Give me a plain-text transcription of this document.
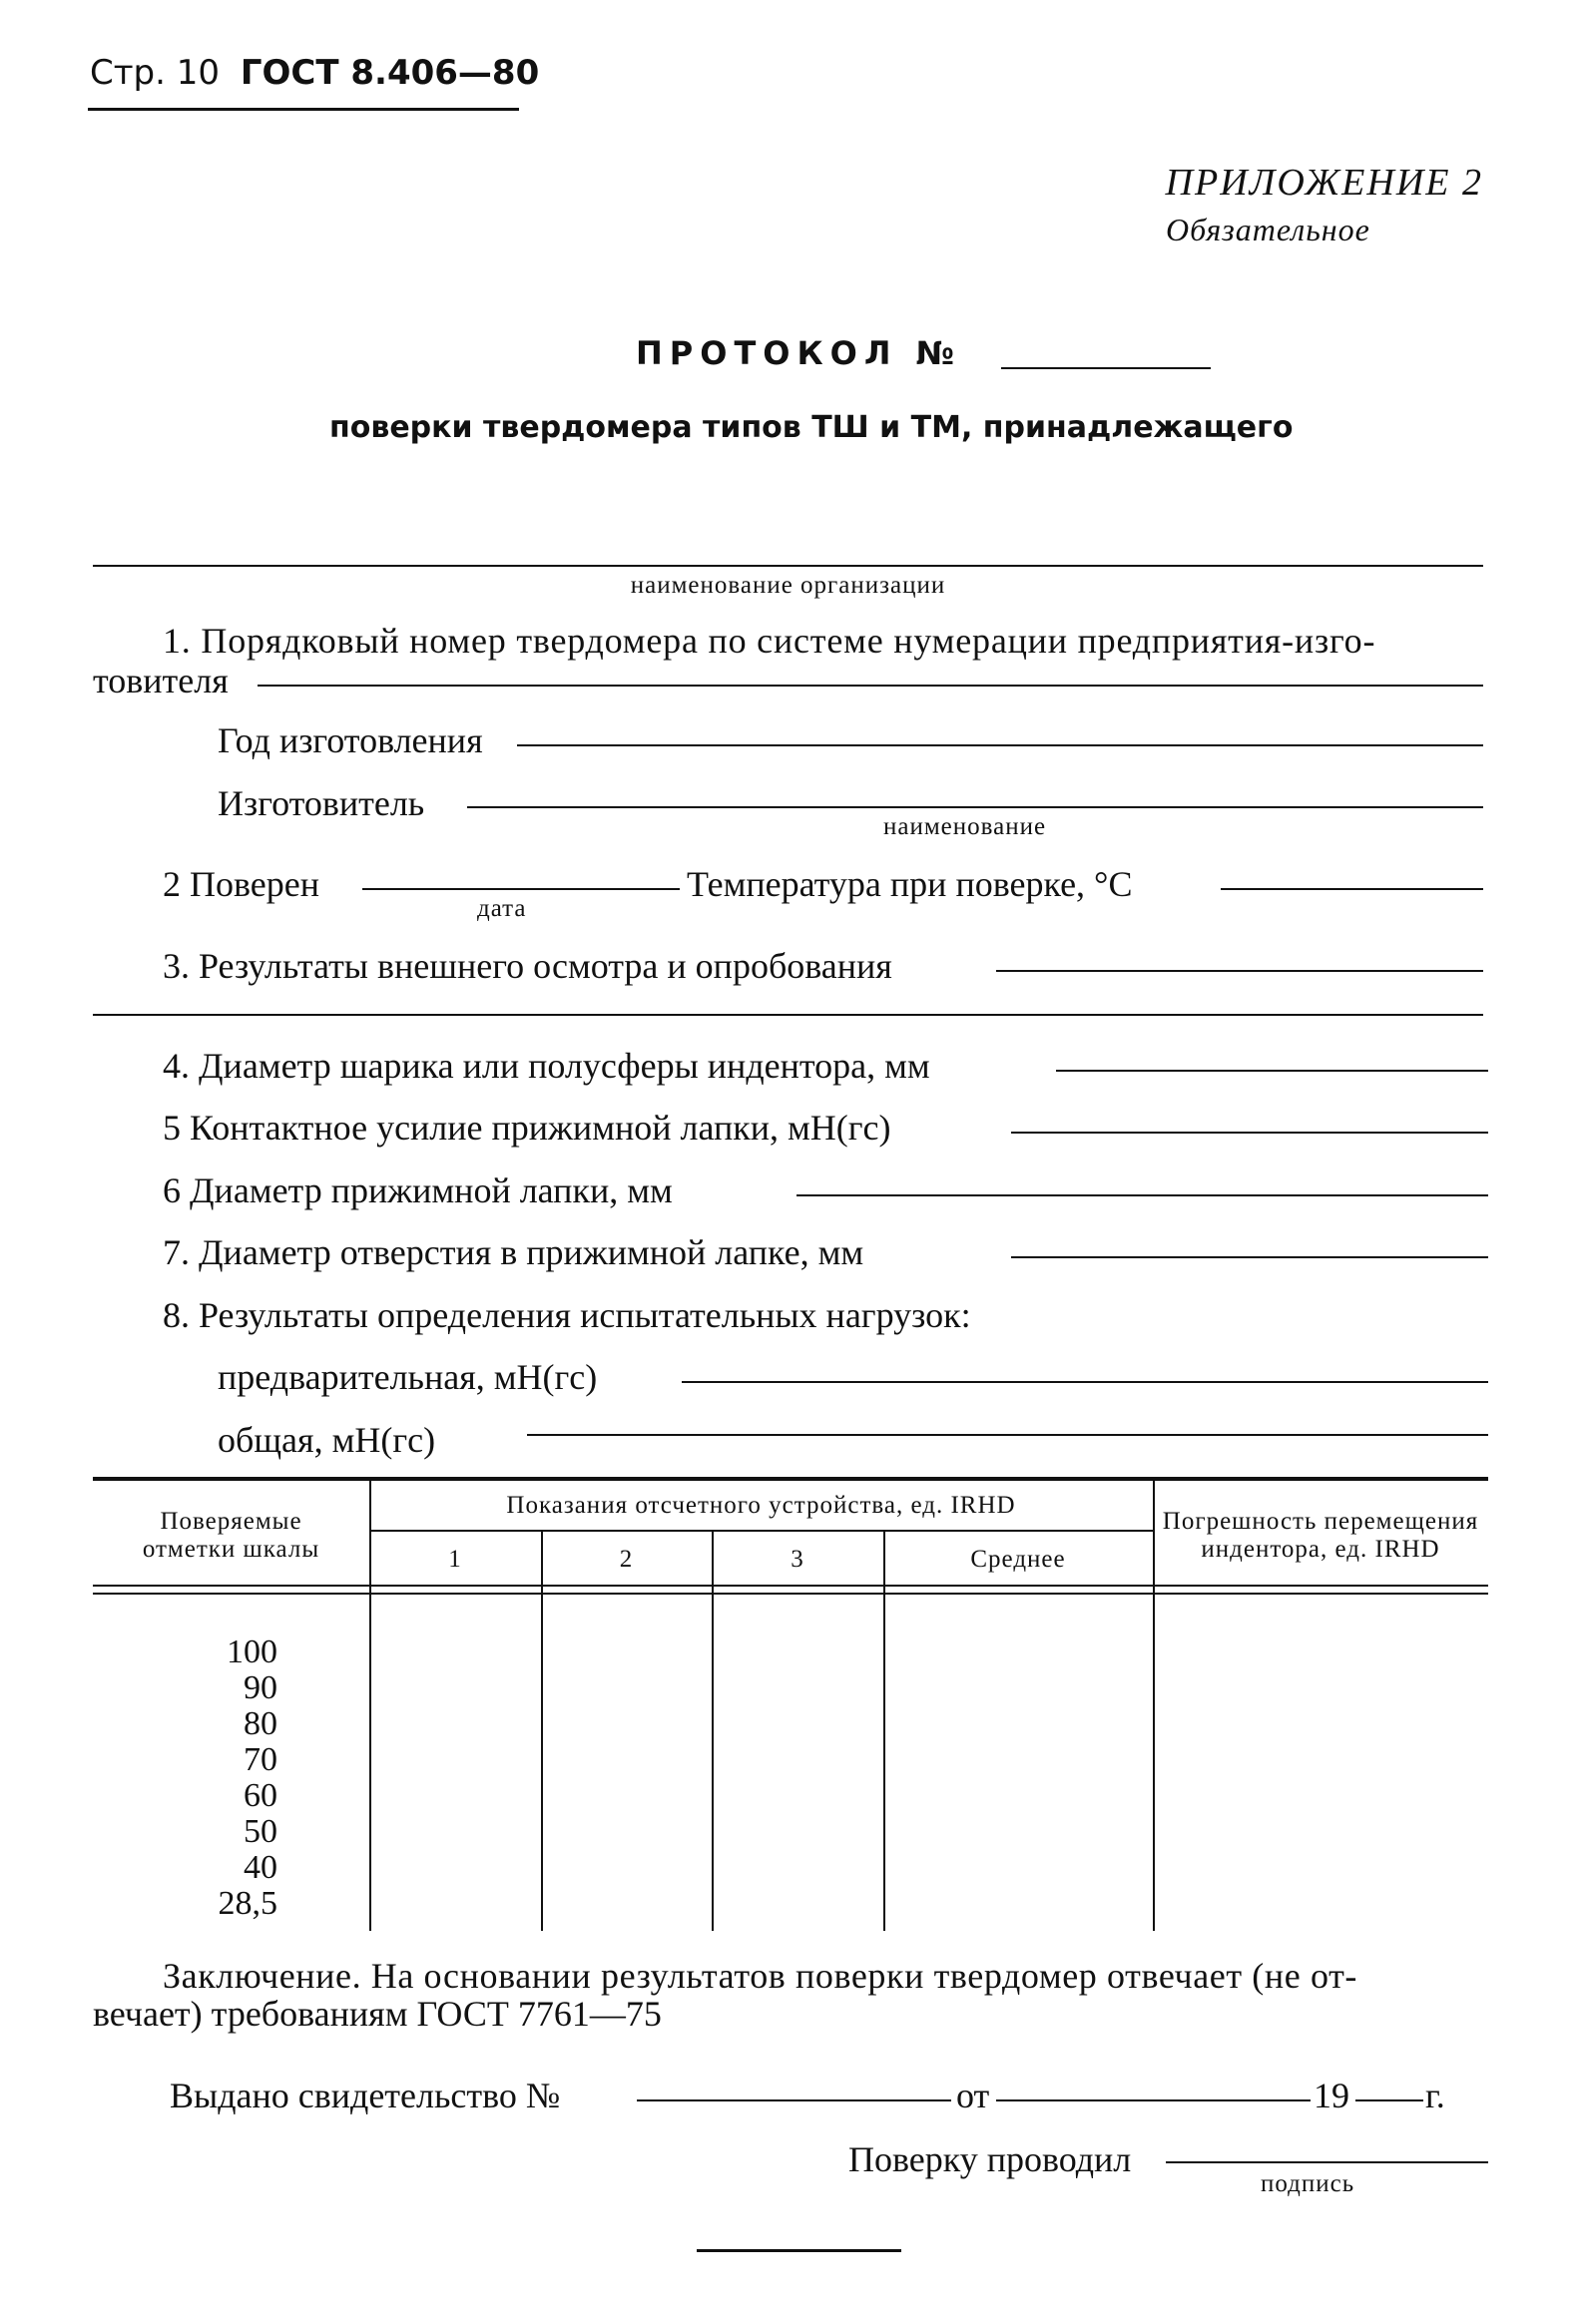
Стр. 10 ГОСТ 8.406—80
ПРИЛОЖЕНИЕ 2
Обязательное
ПРОТОКОЛ №
поверки твердомера типов ТШ и ТМ, принадлежащего
наименование организации
1. Порядковый номер твердомера по системе нумерации предприятия-изго-
товителя
Год изготовления
Изготовитель
наименование
2 Поверен
дата
Температура при поверке, °С
3. Результаты внешнего осмотра и опробования
4. Диаметр шарика или полусферы индентора, мм
5 Контактное усилие прижимной лапки, мН(гс)
6 Диаметр прижимной лапки, мм
7. Диаметр отверстия в прижимной лапке, мм
8. Результаты определения испытательных нагрузок:
предварительная, мН(гс)
общая, мН(гс)
Поверяемые
отметки шкалы
Показания отсчетного устройства, ед. IRHD
1	2	3	Среднее
Погрешность перемещения
индентора, ед. IRHD
100
90
80
70
60
50
40
28,5
Заключение. На основании результатов поверки твердомер отвечает (не от-
вечает) требованиям ГОСТ 7761—75
Выдано свидетельство №	от	19 г.
Поверку проводил
подпись
